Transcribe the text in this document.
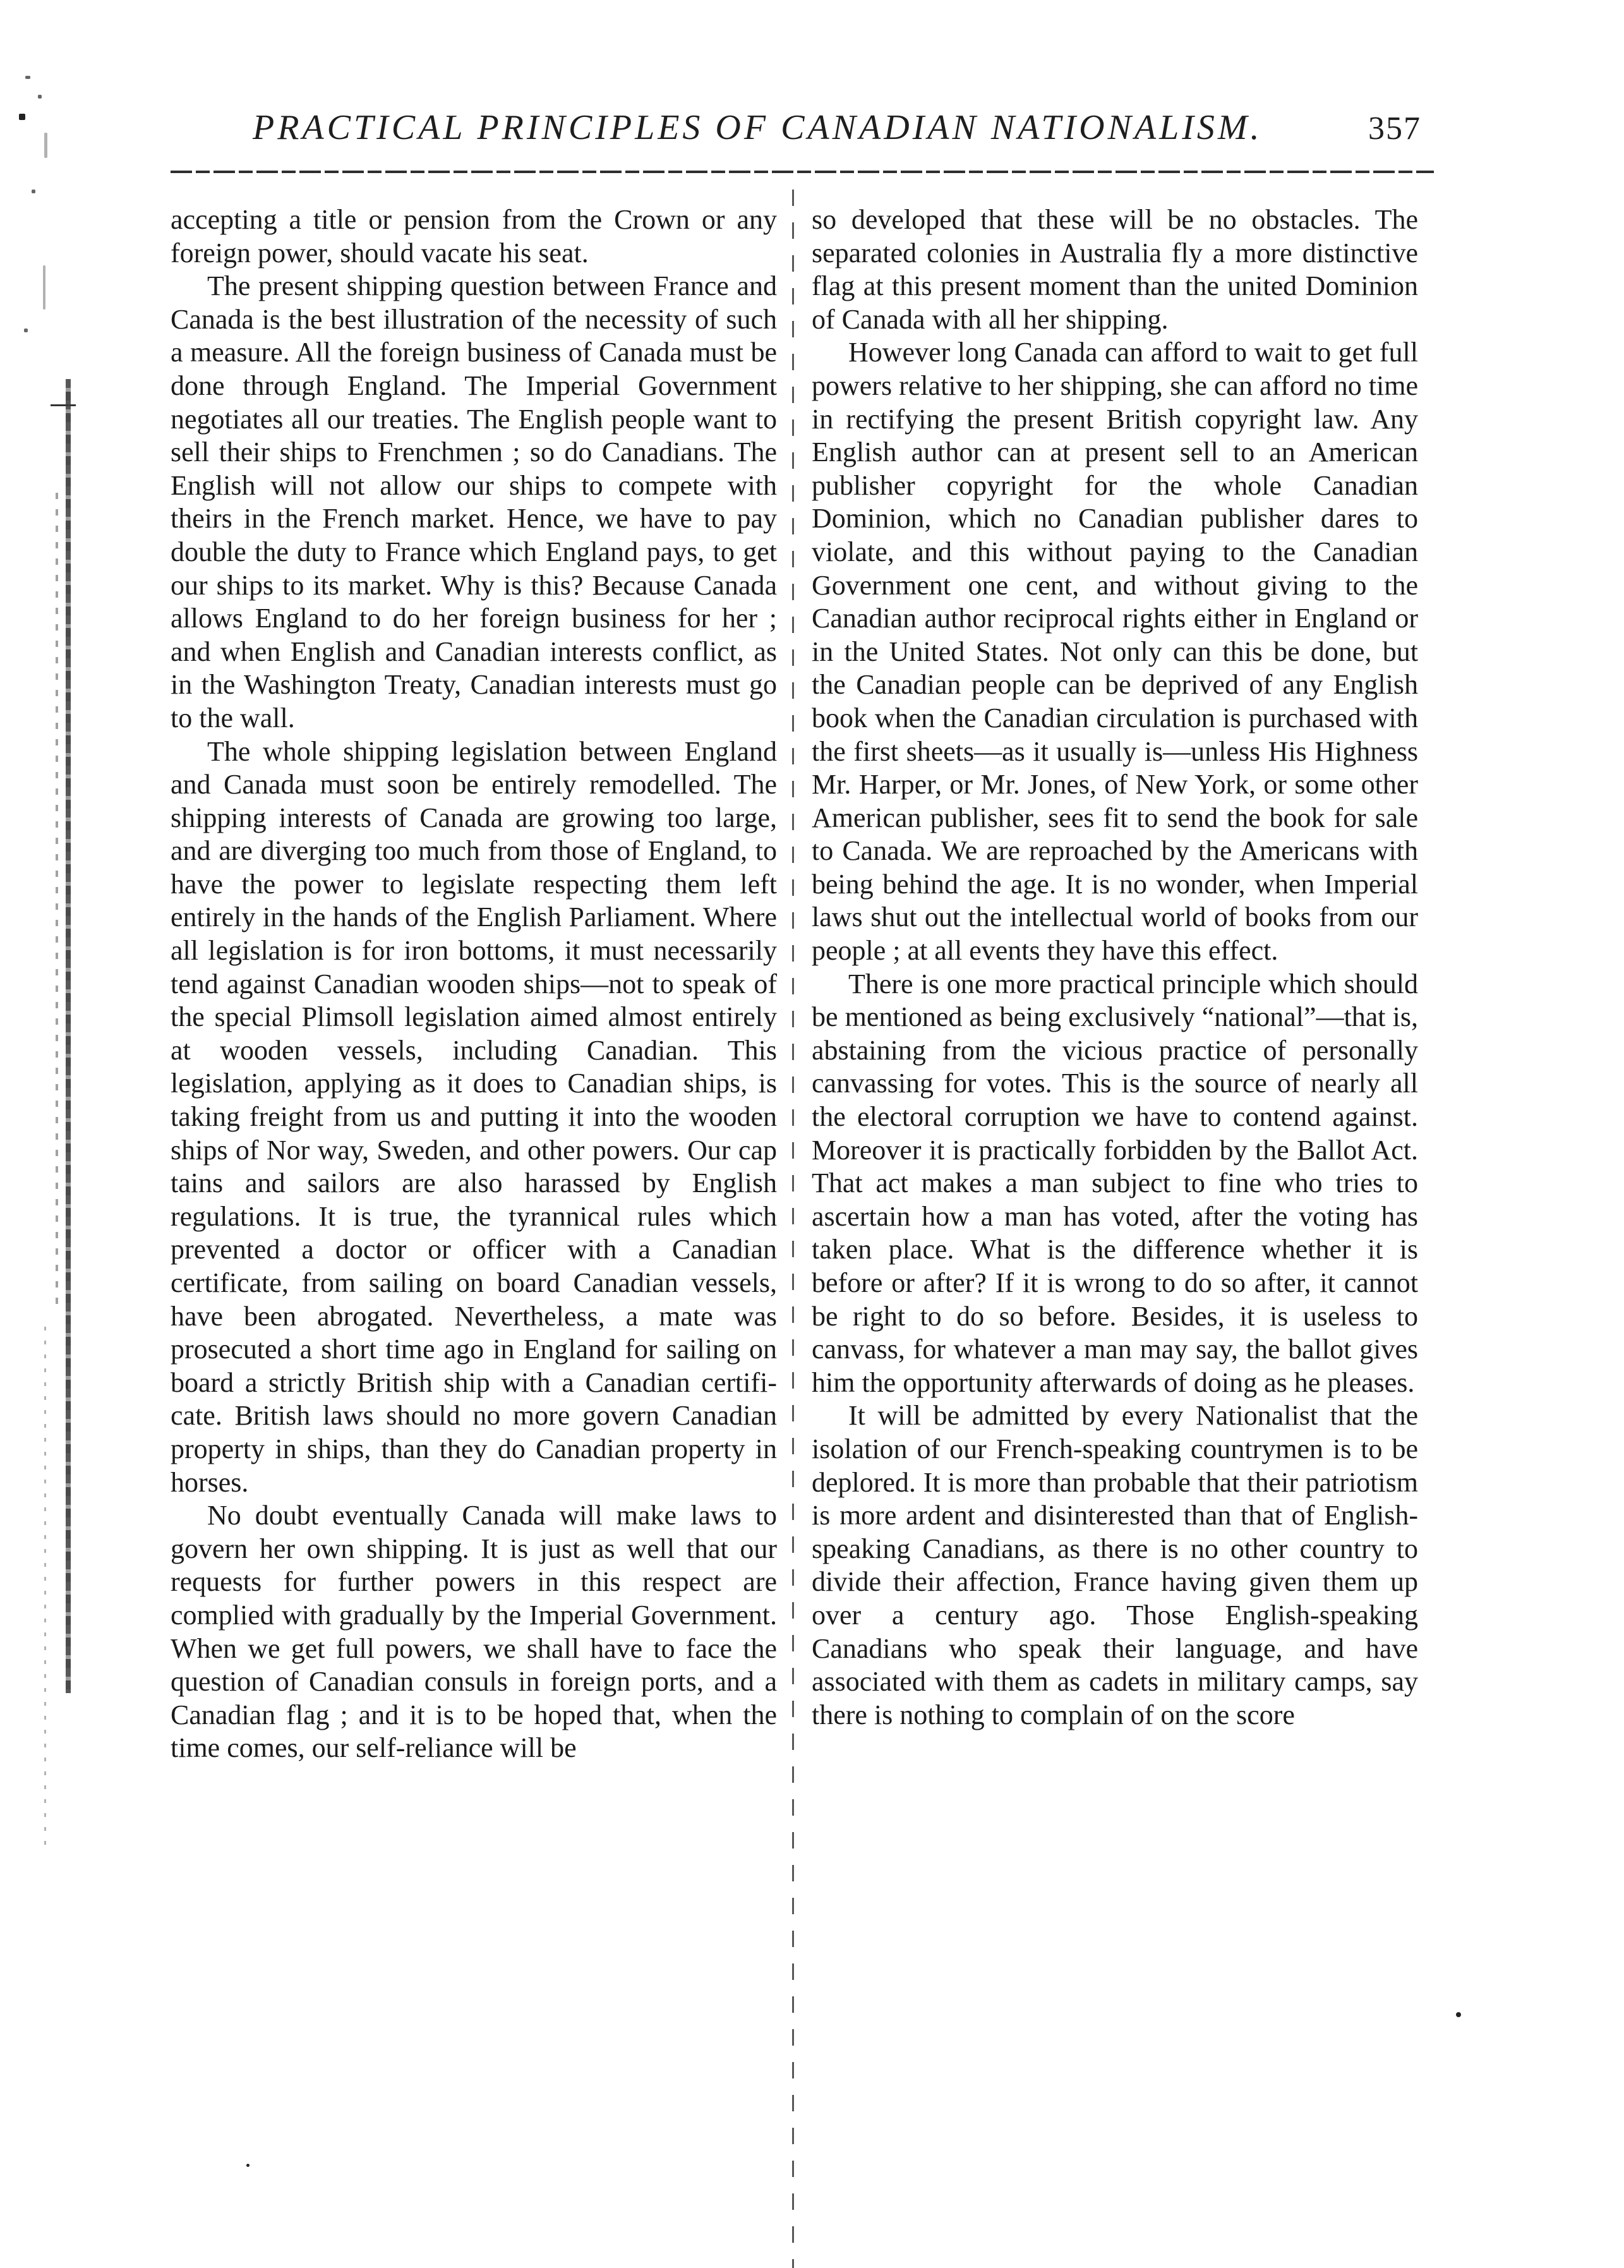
PRACTICAL PRINCIPLES OF CANADIAN NATIONALISM.	357

accepting a title or pension from the Crown or any foreign power, should vacate his seat.

The present shipping question between France and Canada is the best illustration of the necessity of such a measure. All the foreign business of Canada must be done through England. The Imperial Government negotiates all our treaties. The English people want to sell their ships to Frenchmen ; so do Canadians. The English will not allow our ships to compete with theirs in the French market. Hence, we have to pay double the duty to France which England pays, to get our ships to its market. Why is this? Because Canada allows England to do her foreign business for her ; and when English and Canadian interests conflict, as in the Washington Treaty, Canadian interests must go to the wall.

The whole shipping legislation between England and Canada must soon be entirely remodelled. The shipping interests of Canada are growing too large, and are diverging too much from those of England, to have the power to legislate respecting them left entirely in the hands of the English Parliament. Where all legislation is for iron bottoms, it must necessarily tend against Canadian wooden ships—not to speak of the special Plimsoll legislation aimed almost entirely at wooden vessels, including Canadian. This legislation, applying as it does to Canadian ships, is taking freight from us and putting it into the wooden ships of Nor way, Sweden, and other powers. Our cap tains and sailors are also harassed by English regulations. It is true, the tyrannical rules which prevented a doctor or officer with a Canadian certificate, from sailing on board Canadian vessels, have been abrogated. Nevertheless, a mate was prosecuted a short time ago in England for sailing on board a strictly British ship with a Canadian certificate. British laws should no more govern Canadian property in ships, than they do Canadian property in horses.

No doubt eventually Canada will make laws to govern her own shipping. It is just as well that our requests for further powers in this respect are complied with gradually by the Imperial Government. When we get full powers, we shall have to face the question of Canadian consuls in foreign ports, and a Canadian flag ; and it is to be hoped that, when the time comes, our self-reliance will be

so developed that these will be no obstacles. The separated colonies in Australia fly a more distinctive flag at this present moment than the united Dominion of Canada with all her shipping.

However long Canada can afford to wait to get full powers relative to her shipping, she can afford no time in rectifying the present British copyright law. Any English author can at present sell to an American publisher copyright for the whole Canadian Dominion, which no Canadian publisher dares to violate, and this without paying to the Canadian Government one cent, and without giving to the Canadian author reciprocal rights either in England or in the United States. Not only can this be done, but the Canadian people can be deprived of any English book when the Canadian circulation is purchased with the first sheets—as it usually is—unless His Highness Mr. Harper, or Mr. Jones, of New York, or some other American publisher, sees fit to send the book for sale to Canada. We are reproached by the Americans with being behind the age. It is no wonder, when Imperial laws shut out the intellectual world of books from our people ; at all events they have this effect.

There is one more practical principle which should be mentioned as being exclusively “national”—that is, abstaining from the vicious practice of personally canvassing for votes. This is the source of nearly all the electoral corruption we have to contend against. Moreover it is practically forbidden by the Ballot Act. That act makes a man subject to fine who tries to ascertain how a man has voted, after the voting has taken place. What is the difference whether it is before or after? If it is wrong to do so after, it cannot be right to do so before. Besides, it is useless to canvass, for whatever a man may say, the ballot gives him the opportunity afterwards of doing as he pleases.

It will be admitted by every Nationalist that the isolation of our French-speaking countrymen is to be deplored. It is more than probable that their patriotism is more ardent and disinterested than that of English-speaking Canadians, as there is no other country to divide their affection, France having given them up over a century ago. Those English-speaking Canadians who speak their language, and have associated with them as cadets in military camps, say there is nothing to complain of on the score
